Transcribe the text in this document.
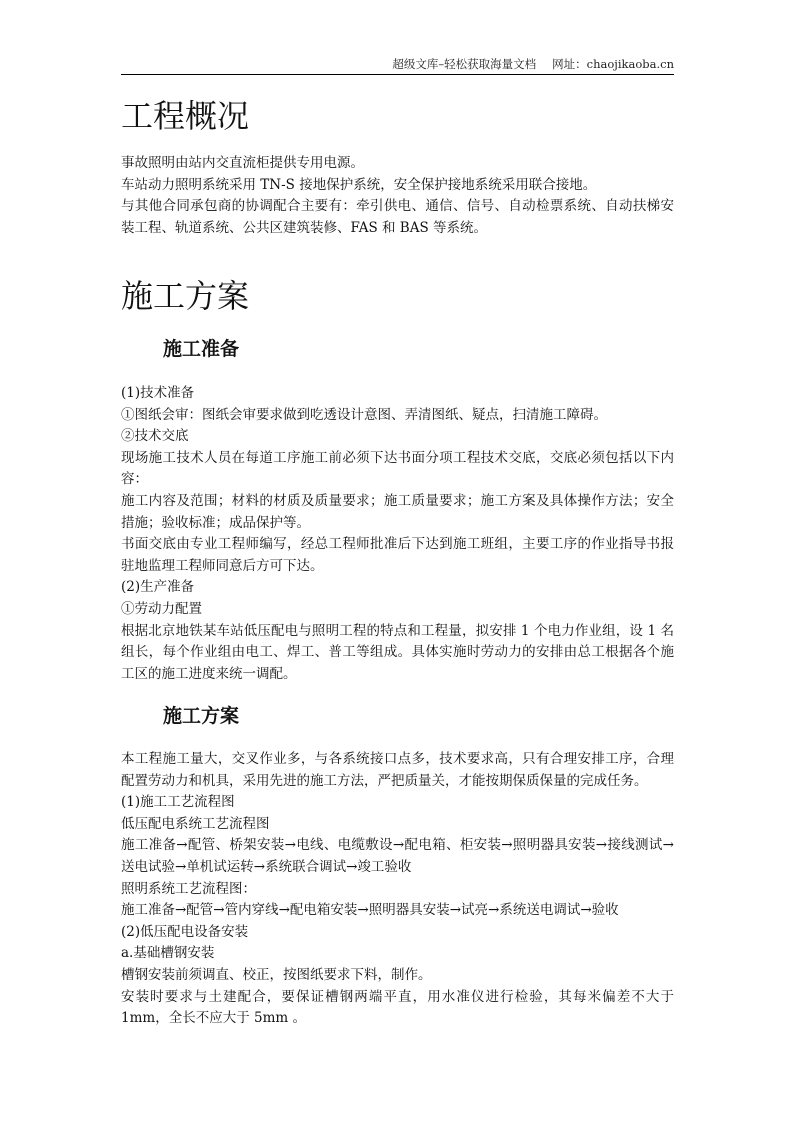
超级文库–轻松获取海量文档 网址：chaojikaoba.cn
工程概况

事故照明由站内交直流柜提供专用电源。

车站动力照明系统采用 TN-S 接地保护系统，安全保护接地系统采用联合接地。

与其他合同承包商的协调配合主要有：牵引供电、通信、信号、自动检票系统、自动扶梯安装工程、轨道系统、公共区建筑装修、FAS 和 BAS 等系统。

施工方案
施工准备

(1)技术准备

①图纸会审：图纸会审要求做到吃透设计意图、弄清图纸、疑点，扫清施工障碍。

②技术交底

现场施工技术人员在每道工序施工前必须下达书面分项工程技术交底，交底必须包括以下内容：

施工内容及范围；材料的材质及质量要求；施工质量要求；施工方案及具体操作方法；安全措施；验收标准；成品保护等。

书面交底由专业工程师编写，经总工程师批准后下达到施工班组，主要工序的作业指导书报驻地监理工程师同意后方可下达。

(2)生产准备

①劳动力配置

根据北京地铁某车站低压配电与照明工程的特点和工程量，拟安排 1 个电力作业组，设 1 名组长，每个作业组由电工、焊工、普工等组成。具体实施时劳动力的安排由总工根据各个施工区的施工进度来统一调配。

施工方案

本工程施工量大，交叉作业多，与各系统接口点多，技术要求高，只有合理安排工序，合理配置劳动力和机具，采用先进的施工方法，严把质量关，才能按期保质保量的完成任务。

(1)施工工艺流程图

低压配电系统工艺流程图

施工准备→配管、桥架安装→电线、电缆敷设→配电箱、柜安装→照明器具安装→接线测试→送电试验→单机试运转→系统联合调试→竣工验收

照明系统工艺流程图：

施工准备→配管→管内穿线→配电箱安装→照明器具安装→试亮→系统送电调试→验收

(2)低压配电设备安装

a.基础槽钢安装

槽钢安装前须调直、校正，按图纸要求下料，制作。

安装时要求与土建配合，要保证槽钢两端平直，用水准仪进行检验，其每米偏差不大于 1mm，全长不应大于 5mm 。
